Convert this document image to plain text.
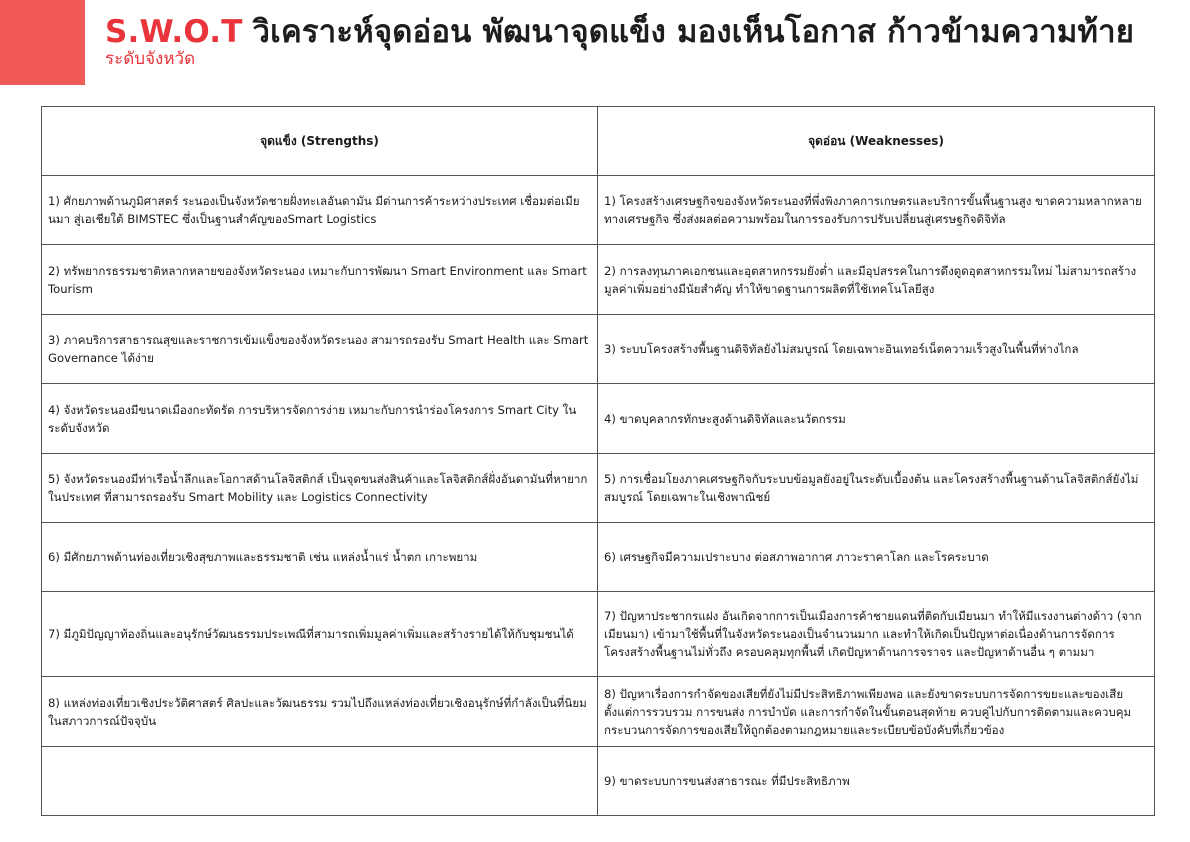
S.W.O.T วิเคราะห์จุดอ่อน พัฒนาจุดแข็ง มองเห็นโอกาส ก้าวข้ามความท้าย
ระดับจังหวัด
จุดแข็ง (Strengths)	จุดอ่อน (Weaknesses)
1) ศักยภาพด้านภูมิศาสตร์ ระนองเป็นจังหวัดชายฝั่งทะเลอันดามัน มีด่านการค้าระหว่างประเทศ เชื่อมต่อเมียนมา สู่เอเชียใต้ BIMSTEC ซึ่งเป็นฐานสำคัญของSmart Logistics	1) โครงสร้างเศรษฐกิจของจังหวัดระนองที่พึ่งพิงภาคการเกษตรและบริการขั้นพื้นฐานสูง ขาดความหลากหลายทางเศรษฐกิจ ซึ่งส่งผลต่อความพร้อมในการรองรับการปรับเปลี่ยนสู่เศรษฐกิจดิจิทัล
2) ทรัพยากรธรรมชาติหลากหลายของจังหวัดระนอง เหมาะกับการพัฒนา Smart Environment และ Smart Tourism	2) การลงทุนภาคเอกชนและอุตสาหกรรมยังต่ำ และมีอุปสรรคในการดึงดูดอุตสาหกรรมใหม่ ไม่สามารถสร้างมูลค่าเพิ่มอย่างมีนัยสำคัญ ทำให้ขาดฐานการผลิตที่ใช้เทคโนโลยีสูง
3) ภาคบริการสาธารณสุขและราชการเข้มแข็งของจังหวัดระนอง สามารถรองรับ Smart Health และ Smart Governance ได้ง่าย	3) ระบบโครงสร้างพื้นฐานดิจิทัลยังไม่สมบูรณ์ โดยเฉพาะอินเทอร์เน็ตความเร็วสูงในพื้นที่ห่างไกล
4) จังหวัดระนองมีขนาดเมืองกะทัดรัด การบริหารจัดการง่าย เหมาะกับการนำร่องโครงการ Smart City ในระดับจังหวัด	4) ขาดบุคลากรทักษะสูงด้านดิจิทัลและนวัตกรรม
5) จังหวัดระนองมีท่าเรือน้ำลึกและโอกาสด้านโลจิสติกส์ เป็นจุดขนส่งสินค้าและโลจิสติกส์ฝั่งอันดามันที่หายากในประเทศ ที่สามารถรองรับ Smart Mobility และ Logistics Connectivity	5) การเชื่อมโยงภาคเศรษฐกิจกับระบบข้อมูลยังอยู่ในระดับเบื้องต้น และโครงสร้างพื้นฐานด้านโลจิสติกส์ยังไม่สมบูรณ์ โดยเฉพาะในเชิงพาณิชย์
6) มีศักยภาพด้านท่องเที่ยวเชิงสุขภาพและธรรมชาติ เช่น แหล่งน้ำแร่ น้ำตก เกาะพยาม	6) เศรษฐกิจมีความเปราะบาง ต่อสภาพอากาศ ภาวะราคาโลก และโรคระบาด
7) มีภูมิปัญญาท้องถิ่นและอนุรักษ์วัฒนธรรมประเพณีที่สามารถเพิ่มมูลค่าเพิ่มและสร้างรายได้ให้กับชุมชนได้	7) ปัญหาประชากรแฝง อันเกิดจากการเป็นเมืองการค้าชายแดนที่ติดกับเมียนมา ทำให้มีแรงงานต่างด้าว (จากเมียนมา) เข้ามาใช้พื้นที่ในจังหวัดระนองเป็นจำนวนมาก และทำให้เกิดเป็นปัญหาต่อเนื่องด้านการจัดการโครงสร้างพื้นฐานไม่ทั่วถึง ครอบคลุมทุกพื้นที่ เกิดปัญหาด้านการจราจร และปัญหาด้านอื่น ๆ ตามมา
8) แหล่งท่องเที่ยวเชิงประวัติศาสตร์ ศิลปะและวัฒนธรรม รวมไปถึงแหล่งท่องเที่ยวเชิงอนุรักษ์ที่กำลังเป็นที่นิยมในสภาวการณ์ปัจจุบัน	8) ปัญหาเรื่องการกำจัดของเสียที่ยังไม่มีประสิทธิภาพเพียงพอ และยังขาดระบบการจัดการขยะและของเสียตั้งแต่การรวบรวม การขนส่ง การบำบัด และการกำจัดในขั้นตอนสุดท้าย ควบคู่ไปกับการติดตามและควบคุมกระบวนการจัดการของเสียให้ถูกต้องตามกฎหมายและระเบียบข้อบังคับที่เกี่ยวข้อง
	9) ขาดระบบการขนส่งสาธารณะ ที่มีประสิทธิภาพ
